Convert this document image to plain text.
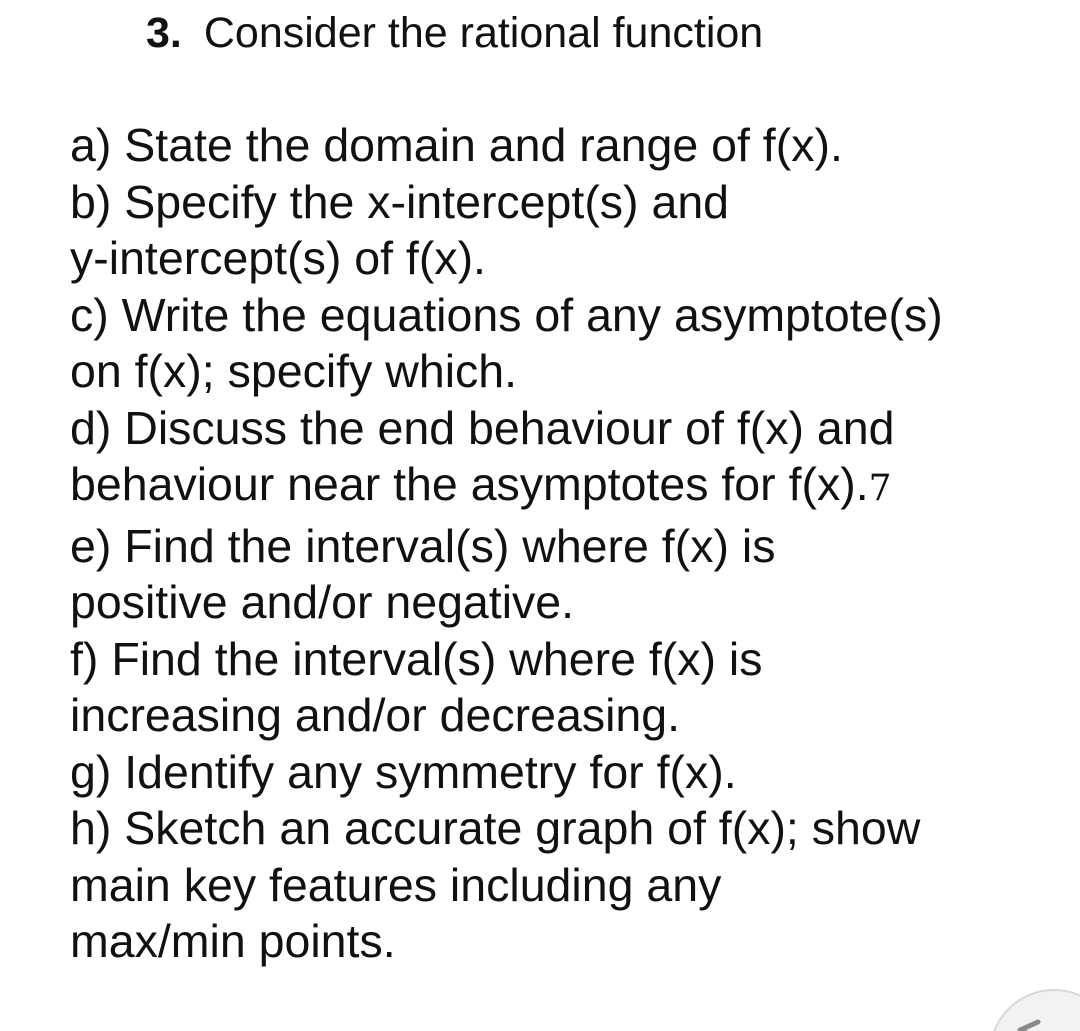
3. Consider the rational function
a) State the domain and range of f(x).
b) Specify the x-intercept(s) and
y-intercept(s) of f(x).
c) Write the equations of any asymptote(s)
on f(x); specify which.
d) Discuss the end behaviour of f(x) and
behaviour near the asymptotes for f(x).7
e) Find the interval(s) where f(x) is
positive and/or negative.
f) Find the interval(s) where f(x) is
increasing and/or decreasing.
g) Identify any symmetry for f(x).
h) Sketch an accurate graph of f(x); show
main key features including any
max/min points.
